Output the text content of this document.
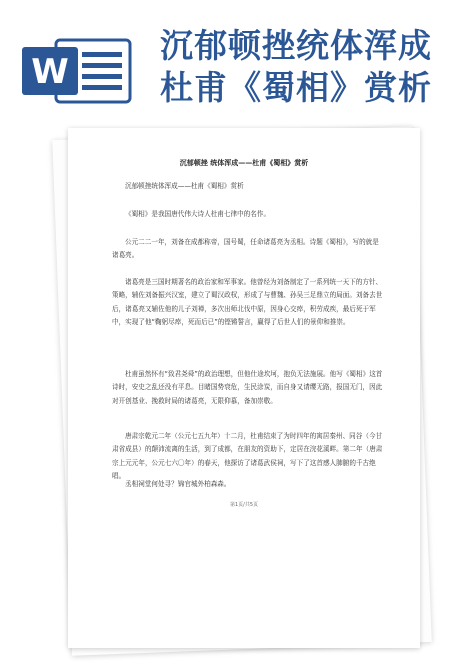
W
沉郁顿挫统体浑成
杜甫《蜀相》赏析
沉郁顿挫 统体浑成——杜甫《蜀相》赏析
沉郁顿挫统体浑成——杜甫《蜀相》赏析
《蜀相》是我国唐代伟大诗人杜甫七律中的名作。
公元二二一年，刘备在成都称帝，国号蜀，任命诸葛亮为丞相。诗题《蜀相》，写的就是诸葛亮。
诸葛亮是三国时期著名的政治家和军事家。他曾经为刘备制定了一系列统一天下的方针、策略，辅佐刘备振兴汉室，建立了蜀汉政权，形成了与曹魏、孙吴三足鼎立的局面。刘备去世后，诸葛亮又辅佐他的儿子刘禅，多次出师北伐中原，因身心交瘁，积劳成疾，最后死于军中，实现了他“鞠躬尽瘁，死而后已”的铿锵誓言，赢得了后世人们的景仰和推崇。
杜甫虽然怀有“致君尧舜”的政治理想，但他仕途坎坷，抱负无法施展。他写《蜀相》这首诗时，安史之乱还没有平息。目睹国势衰危，生民涂炭，而自身又请缨无路，报国无门，因此对开创基业、挽救时局的诸葛亮，无限仰慕，备加崇敬。
唐肃宗乾元二年（公元七五九年）十二月，杜甫结束了为时四年的寓居秦州、同谷（今甘肃省成县）的颠沛流离的生活，到了成都，在朋友的资助下，定居在浣花溪畔。第二年（唐肃宗上元元年，公元七六〇年）的春天，他探访了诸葛武侯祠，写下了这首感人肺腑的千古绝唱。
丞相祠堂何处寻？锦官城外柏森森。
第1页/共5页
